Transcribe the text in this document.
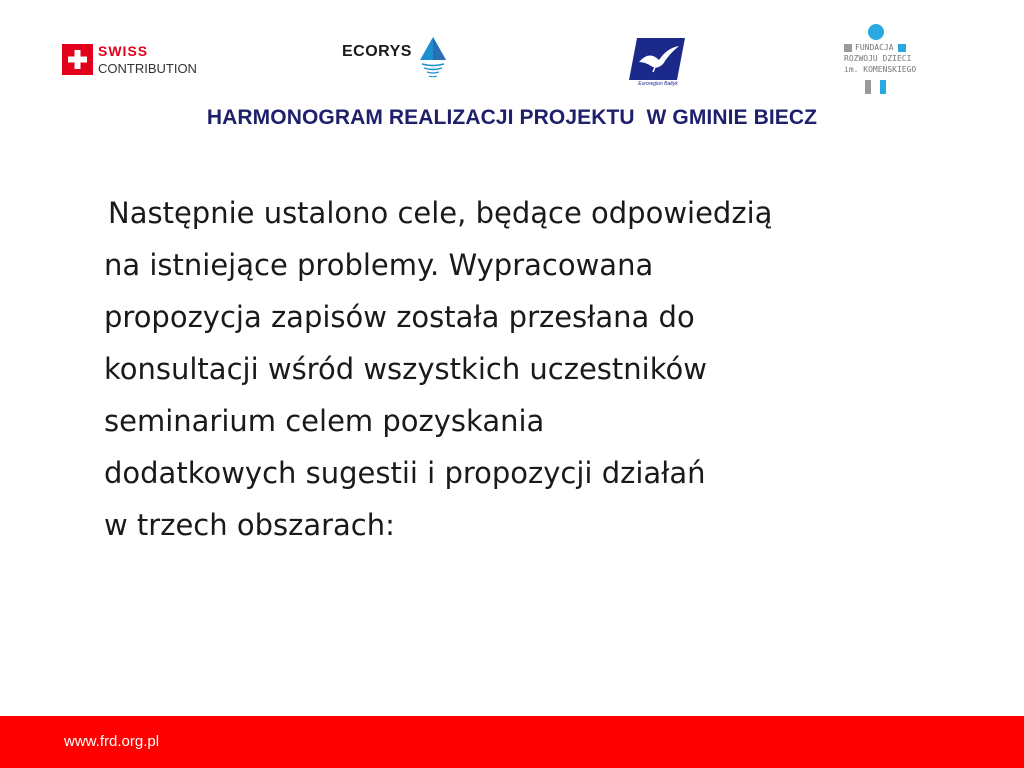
SWISS
CONTRIBUTION
ECORYS
Euroregion Bałtyk
FUNDACJA
ROZWOJU DZIECI
im. KOMEŃSKIEGO
HARMONOGRAM REALIZACJI PROJEKTU  W GMINIE BIECZ
Następnie ustalono cele, będące odpowiedzią
na istniejące problemy. Wypracowana
propozycja zapisów została przesłana do
konsultacji wśród wszystkich uczestników
seminarium celem pozyskania
dodatkowych sugestii i propozycji działań
w trzech obszarach:
www.frd.org.pl
